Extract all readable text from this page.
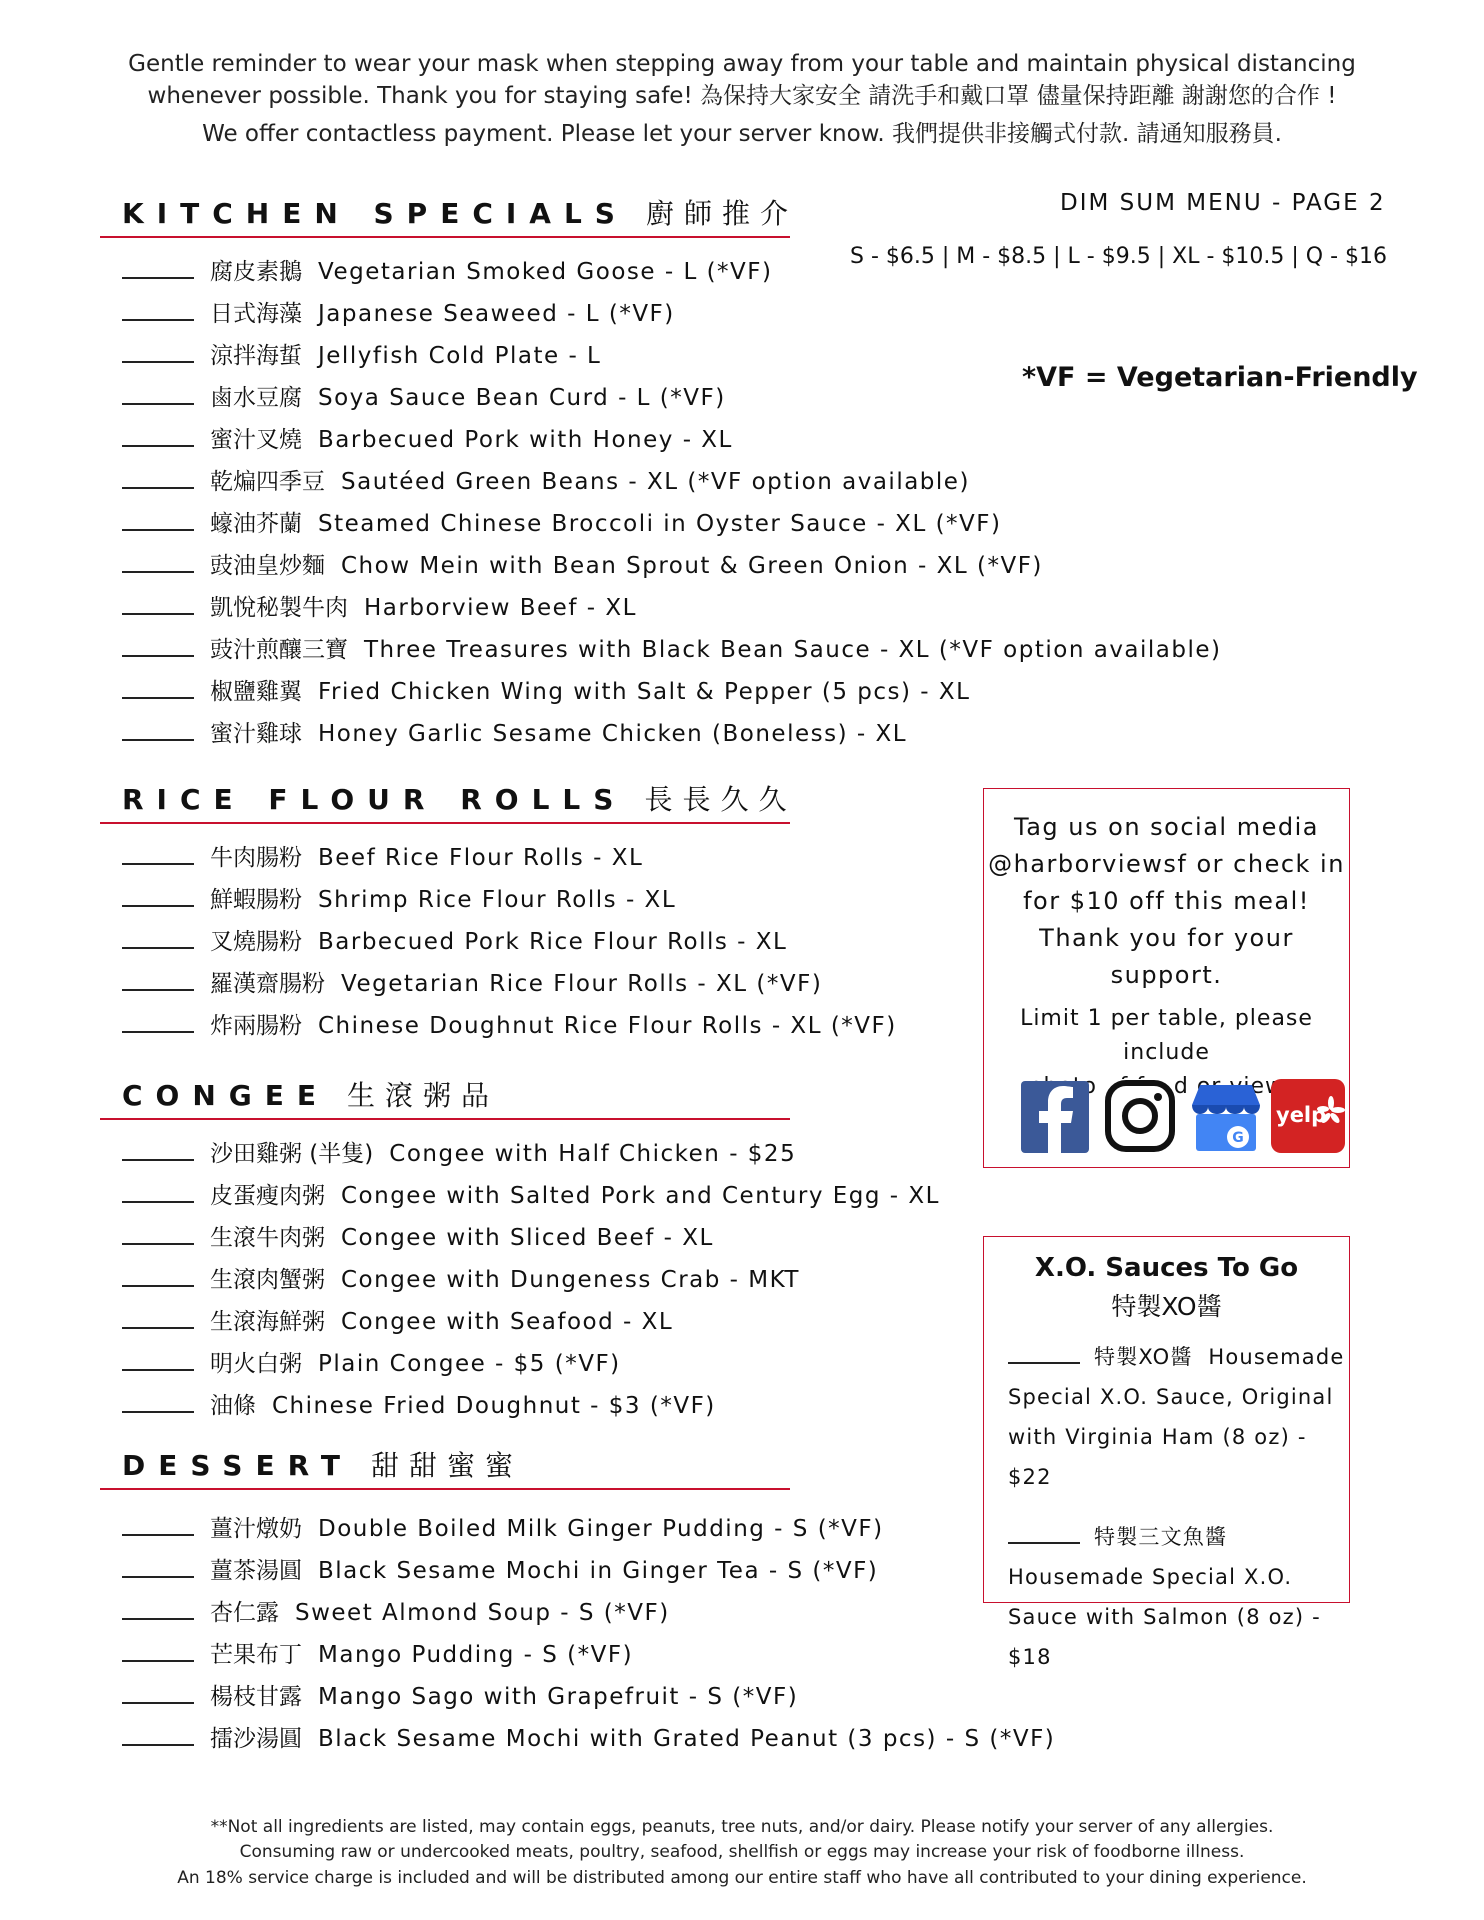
Gentle reminder to wear your mask when stepping away from your table and maintain physical distancing
whenever possible. Thank you for staying safe! 為保持大家安全 請洗手和戴口罩 儘量保持距離 謝謝您的合作 !
We offer contactless payment. Please let your server know. 我們提供非接觸式付款. 請通知服務員.
DIM SUM MENU - PAGE 2
S - $6.5 | M - $8.5 | L - $9.5 | XL - $10.5 | Q - $16
*VF = Vegetarian-Friendly
KITCHEN SPECIALS 廚師推介
腐皮素鵝 Vegetarian Smoked Goose - L (*VF)
日式海藻 Japanese Seaweed - L (*VF)
涼拌海蜇 Jellyfish Cold Plate - L
鹵水豆腐 Soya Sauce Bean Curd - L (*VF)
蜜汁叉燒 Barbecued Pork with Honey - XL
乾煸四季豆 Sautéed Green Beans - XL (*VF option available)
蠔油芥蘭 Steamed Chinese Broccoli in Oyster Sauce - XL (*VF)
豉油皇炒麵 Chow Mein with Bean Sprout & Green Onion - XL (*VF)
凱悅秘製牛肉 Harborview Beef - XL
豉汁煎釀三寶 Three Treasures with Black Bean Sauce - XL (*VF option available)
椒鹽雞翼 Fried Chicken Wing with Salt & Pepper (5 pcs) - XL
蜜汁雞球 Honey Garlic Sesame Chicken (Boneless) - XL
RICE FLOUR ROLLS 長長久久
牛肉腸粉 Beef Rice Flour Rolls - XL
鮮蝦腸粉 Shrimp Rice Flour Rolls - XL
叉燒腸粉 Barbecued Pork Rice Flour Rolls - XL
羅漢齋腸粉 Vegetarian Rice Flour Rolls - XL (*VF)
炸兩腸粉 Chinese Doughnut Rice Flour Rolls - XL (*VF)
CONGEE 生滾粥品
沙田雞粥 (半隻) Congee with Half Chicken - $25
皮蛋瘦肉粥 Congee with Salted Pork and Century Egg - XL
生滾牛肉粥 Congee with Sliced Beef - XL
生滾肉蟹粥 Congee with Dungeness Crab - MKT
生滾海鮮粥 Congee with Seafood - XL
明火白粥 Plain Congee - $5 (*VF)
油條 Chinese Fried Doughnut - $3 (*VF)
DESSERT 甜甜蜜蜜
薑汁燉奶 Double Boiled Milk Ginger Pudding - S (*VF)
薑茶湯圓 Black Sesame Mochi in Ginger Tea - S (*VF)
杏仁露 Sweet Almond Soup - S (*VF)
芒果布丁 Mango Pudding - S (*VF)
楊枝甘露 Mango Sago with Grapefruit - S (*VF)
擂沙湯圓 Black Sesame Mochi with Grated Peanut (3 pcs) - S (*VF)
Tag us on social media
@harborviewsf or check in
for $10 off this meal!
Thank you for your support.
Limit 1 per table, please include
views.
G
yelp
X.O. Sauces To Go
特製XO醬
特製XO醬 Housemade
Special X.O. Sauce, Original
with Virginia Ham (8 oz) - $22
特製三文魚醬
Housemade Special X.O.
Sauce with Salmon (8 oz) - $18
**Not all ingredients are listed, may contain eggs, peanuts, tree nuts, and/or dairy. Please notify your server of any allergies.
Consuming raw or undercooked meats, poultry, seafood, shellfish or eggs may increase your risk of foodborne illness.
An 18% service charge is included and will be distributed among our entire staff who have all contributed to your dining experience.
